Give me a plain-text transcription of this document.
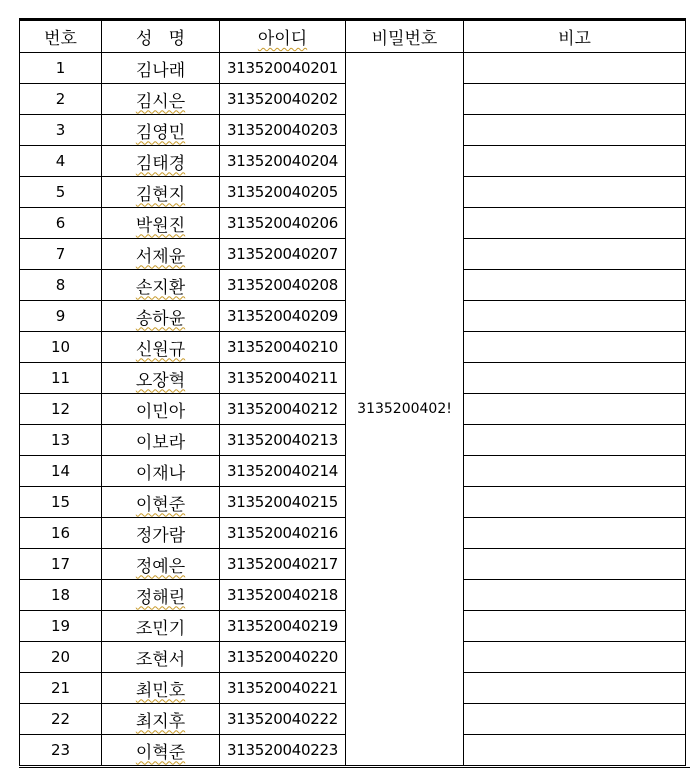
번호	성   명	아이디	비밀번호	비고
1	김나래	313520040201	3135200402!	
2	김시은	313520040202		
3	김영민	313520040203		
4	김태경	313520040204		
5	김현지	313520040205		
6	박원진	313520040206		
7	서제윤	313520040207		
8	손지환	313520040208		
9	송하윤	313520040209		
10	신원규	313520040210		
11	오장혁	313520040211		
12	이민아	313520040212		
13	이보라	313520040213		
14	이재나	313520040214		
15	이현준	313520040215		
16	정가람	313520040216		
17	정예은	313520040217		
18	정해린	313520040218		
19	조민기	313520040219		
20	조현서	313520040220		
21	최민호	313520040221		
22	최지후	313520040222		
23	이혁준	313520040223		
